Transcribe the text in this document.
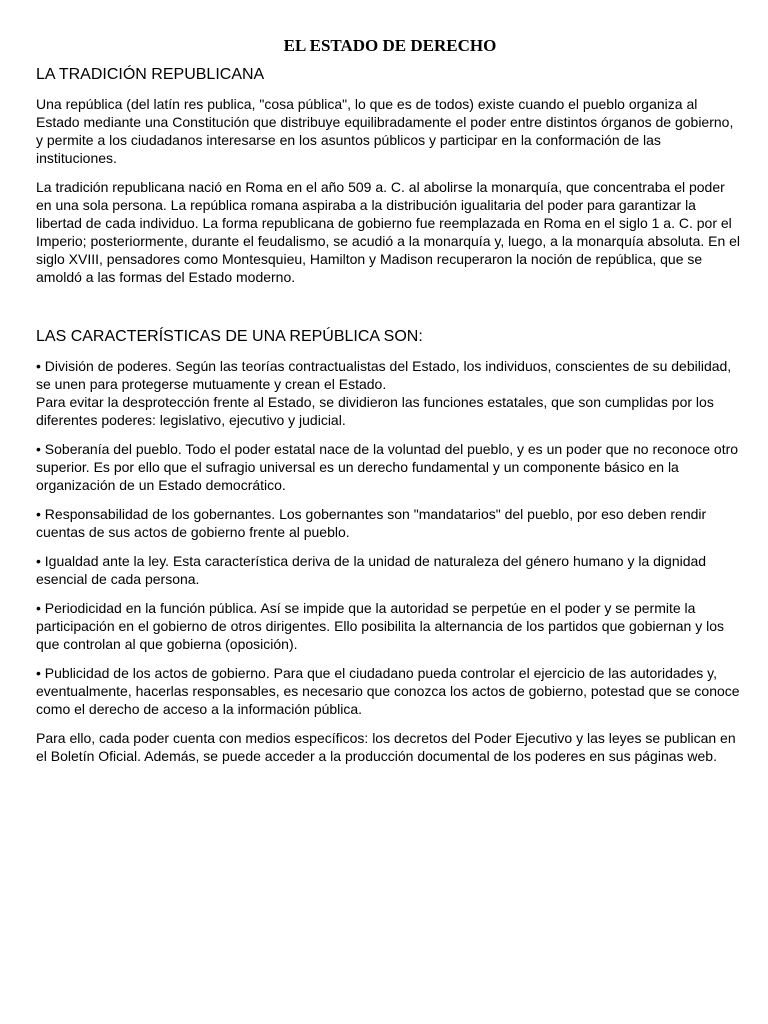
EL ESTADO DE DERECHO
LA TRADICIÓN REPUBLICANA

Una república (del latín res publica, "cosa pública", lo que es de todos) existe cuando el pueblo organiza al Estado mediante una Constitución que distribuye equilibradamente el poder entre distintos órganos de gobierno, y permite a los ciudadanos interesarse en los asuntos públicos y participar en la conformación de las instituciones.

La tradición republicana nació en Roma en el año 509 a. C. al abolirse la monarquía, que concentraba el poder en una sola persona. La república romana aspiraba a la distribución igualitaria del poder para garantizar la libertad de cada individuo. La forma republicana de gobierno fue reemplazada en Roma en el siglo 1 a. C. por el Imperio; posteriormente, durante el feudalismo, se acudió a la monarquía y, luego, a la monarquía absoluta. En el siglo XVIII, pensadores como Montesquieu, Hamilton y Madison recuperaron la noción de república, que se amoldó a las formas del Estado moderno.

LAS CARACTERÍSTICAS DE UNA REPÚBLICA SON:

• División de poderes. Según las teorías contractualistas del Estado, los individuos, conscientes de su debilidad, se unen para protegerse mutuamente y crean el Estado.
Para evitar la desprotección frente al Estado, se dividieron las funciones estatales, que son cumplidas por los diferentes poderes: legislativo, ejecutivo y judicial.

• Soberanía del pueblo. Todo el poder estatal nace de la voluntad del pueblo, y es un poder que no reconoce otro superior. Es por ello que el sufragio universal es un derecho fundamental y un componente básico en la organización de un Estado democrático.

• Responsabilidad de los gobernantes. Los gobernantes son "mandatarios" del pueblo, por eso deben rendir cuentas de sus actos de gobierno frente al pueblo.

• Igualdad ante la ley. Esta característica deriva de la unidad de naturaleza del género humano y la dignidad esencial de cada persona.

• Periodicidad en la función pública. Así se impide que la autoridad se perpetúe en el poder y se permite la participación en el gobierno de otros dirigentes. Ello posibilita la alternancia de los partidos que gobiernan y los que controlan al que gobierna (oposición).

• Publicidad de los actos de gobierno. Para que el ciudadano pueda controlar el ejercicio de las autoridades y, eventualmente, hacerlas responsables, es necesario que conozca los actos de gobierno, potestad que se conoce como el derecho de acceso a la información pública.

Para ello, cada poder cuenta con medios específicos: los decretos del Poder Ejecutivo y las leyes se publican en el Boletín Oficial. Además, se puede acceder a la producción documental de los poderes en sus páginas web.
